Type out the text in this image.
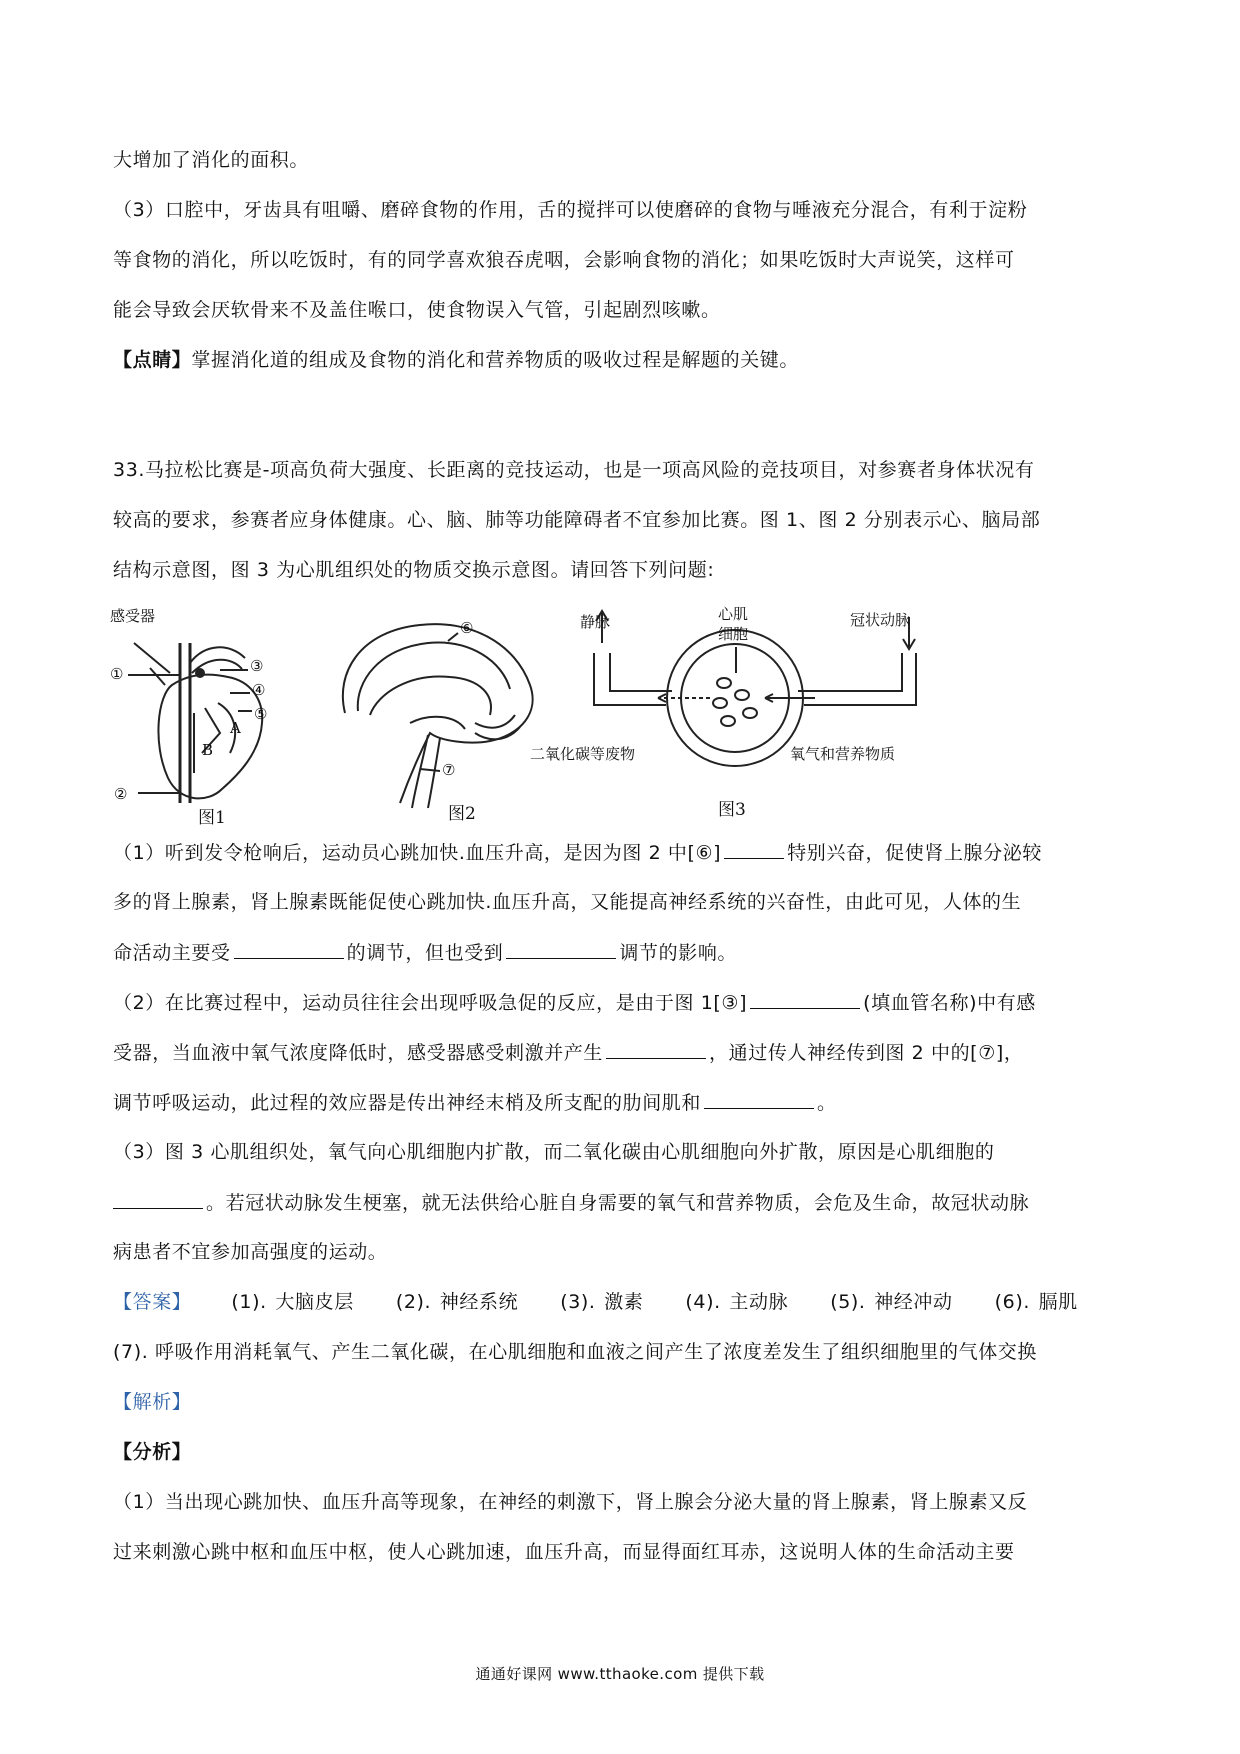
大增加了消化的面积。
（3）口腔中，牙齿具有咀嚼、磨碎食物的作用，舌的搅拌可以使磨碎的食物与唾液充分混合，有利于淀粉
等食物的消化，所以吃饭时，有的同学喜欢狼吞虎咽，会影响食物的消化；如果吃饭时大声说笑，这样可
能会导致会厌软骨来不及盖住喉口，使食物误入气管，引起剧烈咳嗽。
【点睛】掌握消化道的组成及食物的消化和营养物质的吸收过程是解题的关键。
33.马拉松比赛是-项高负荷大强度、长距离的竞技运动，也是一项高风险的竞技项目，对参赛者身体状况有
较高的要求，参赛者应身体健康。心、脑、肺等功能障碍者不宜参加比赛。图 1、图 2 分别表示心、脑局部
结构示意图，图 3 为心肌组织处的物质交换示意图。请回答下列问题:
感受器
①	③
④
⑤
②
A
B
图1
⑥
⑦
图2
静脉	心肌
细胞
冠状动脉
二氧化碳等废物	氧气和营养物质
图3
（1）听到发令枪响后，运动员心跳加快.血压升高，是因为图 2 中[⑥]	特别兴奋，促使肾上腺分泌较
多的肾上腺素，肾上腺素既能促使心跳加快.血压升高，又能提高神经系统的兴奋性，由此可见，人体的生
命活动主要受	的调节，但也受到	调节的影响。
（2）在比赛过程中，运动员往往会出现呼吸急促的反应，是由于图 1[③]	(填血管名称)中有感
受器，当血液中氧气浓度降低时，感受器感受刺激并产生	，通过传人神经传到图 2 中的[⑦]，
调节呼吸运动，此过程的效应器是传出神经末梢及所支配的肋间肌和	。
（3）图 3 心肌组织处，氧气向心肌细胞内扩散，而二氧化碳由心肌细胞向外扩散，原因是心肌细胞的
。若冠状动脉发生梗塞，就无法供给心脏自身需要的氧气和营养物质，会危及生命，故冠状动脉
病患者不宜参加高强度的运动。
【答案】 (1). 大脑皮层 (2). 神经系统 (3). 激素 (4). 主动脉 (5). 神经冲动 (6). 膈肌
(7). 呼吸作用消耗氧气、产生二氧化碳，在心肌细胞和血液之间产生了浓度差发生了组织细胞里的气体交换
【解析】
【分析】
（1）当出现心跳加快、血压升高等现象，在神经的刺激下，肾上腺会分泌大量的肾上腺素，肾上腺素又反
过来刺激心跳中枢和血压中枢，使人心跳加速，血压升高，而显得面红耳赤，这说明人体的生命活动主要
通通好课网 www.tthaoke.com 提供下载
